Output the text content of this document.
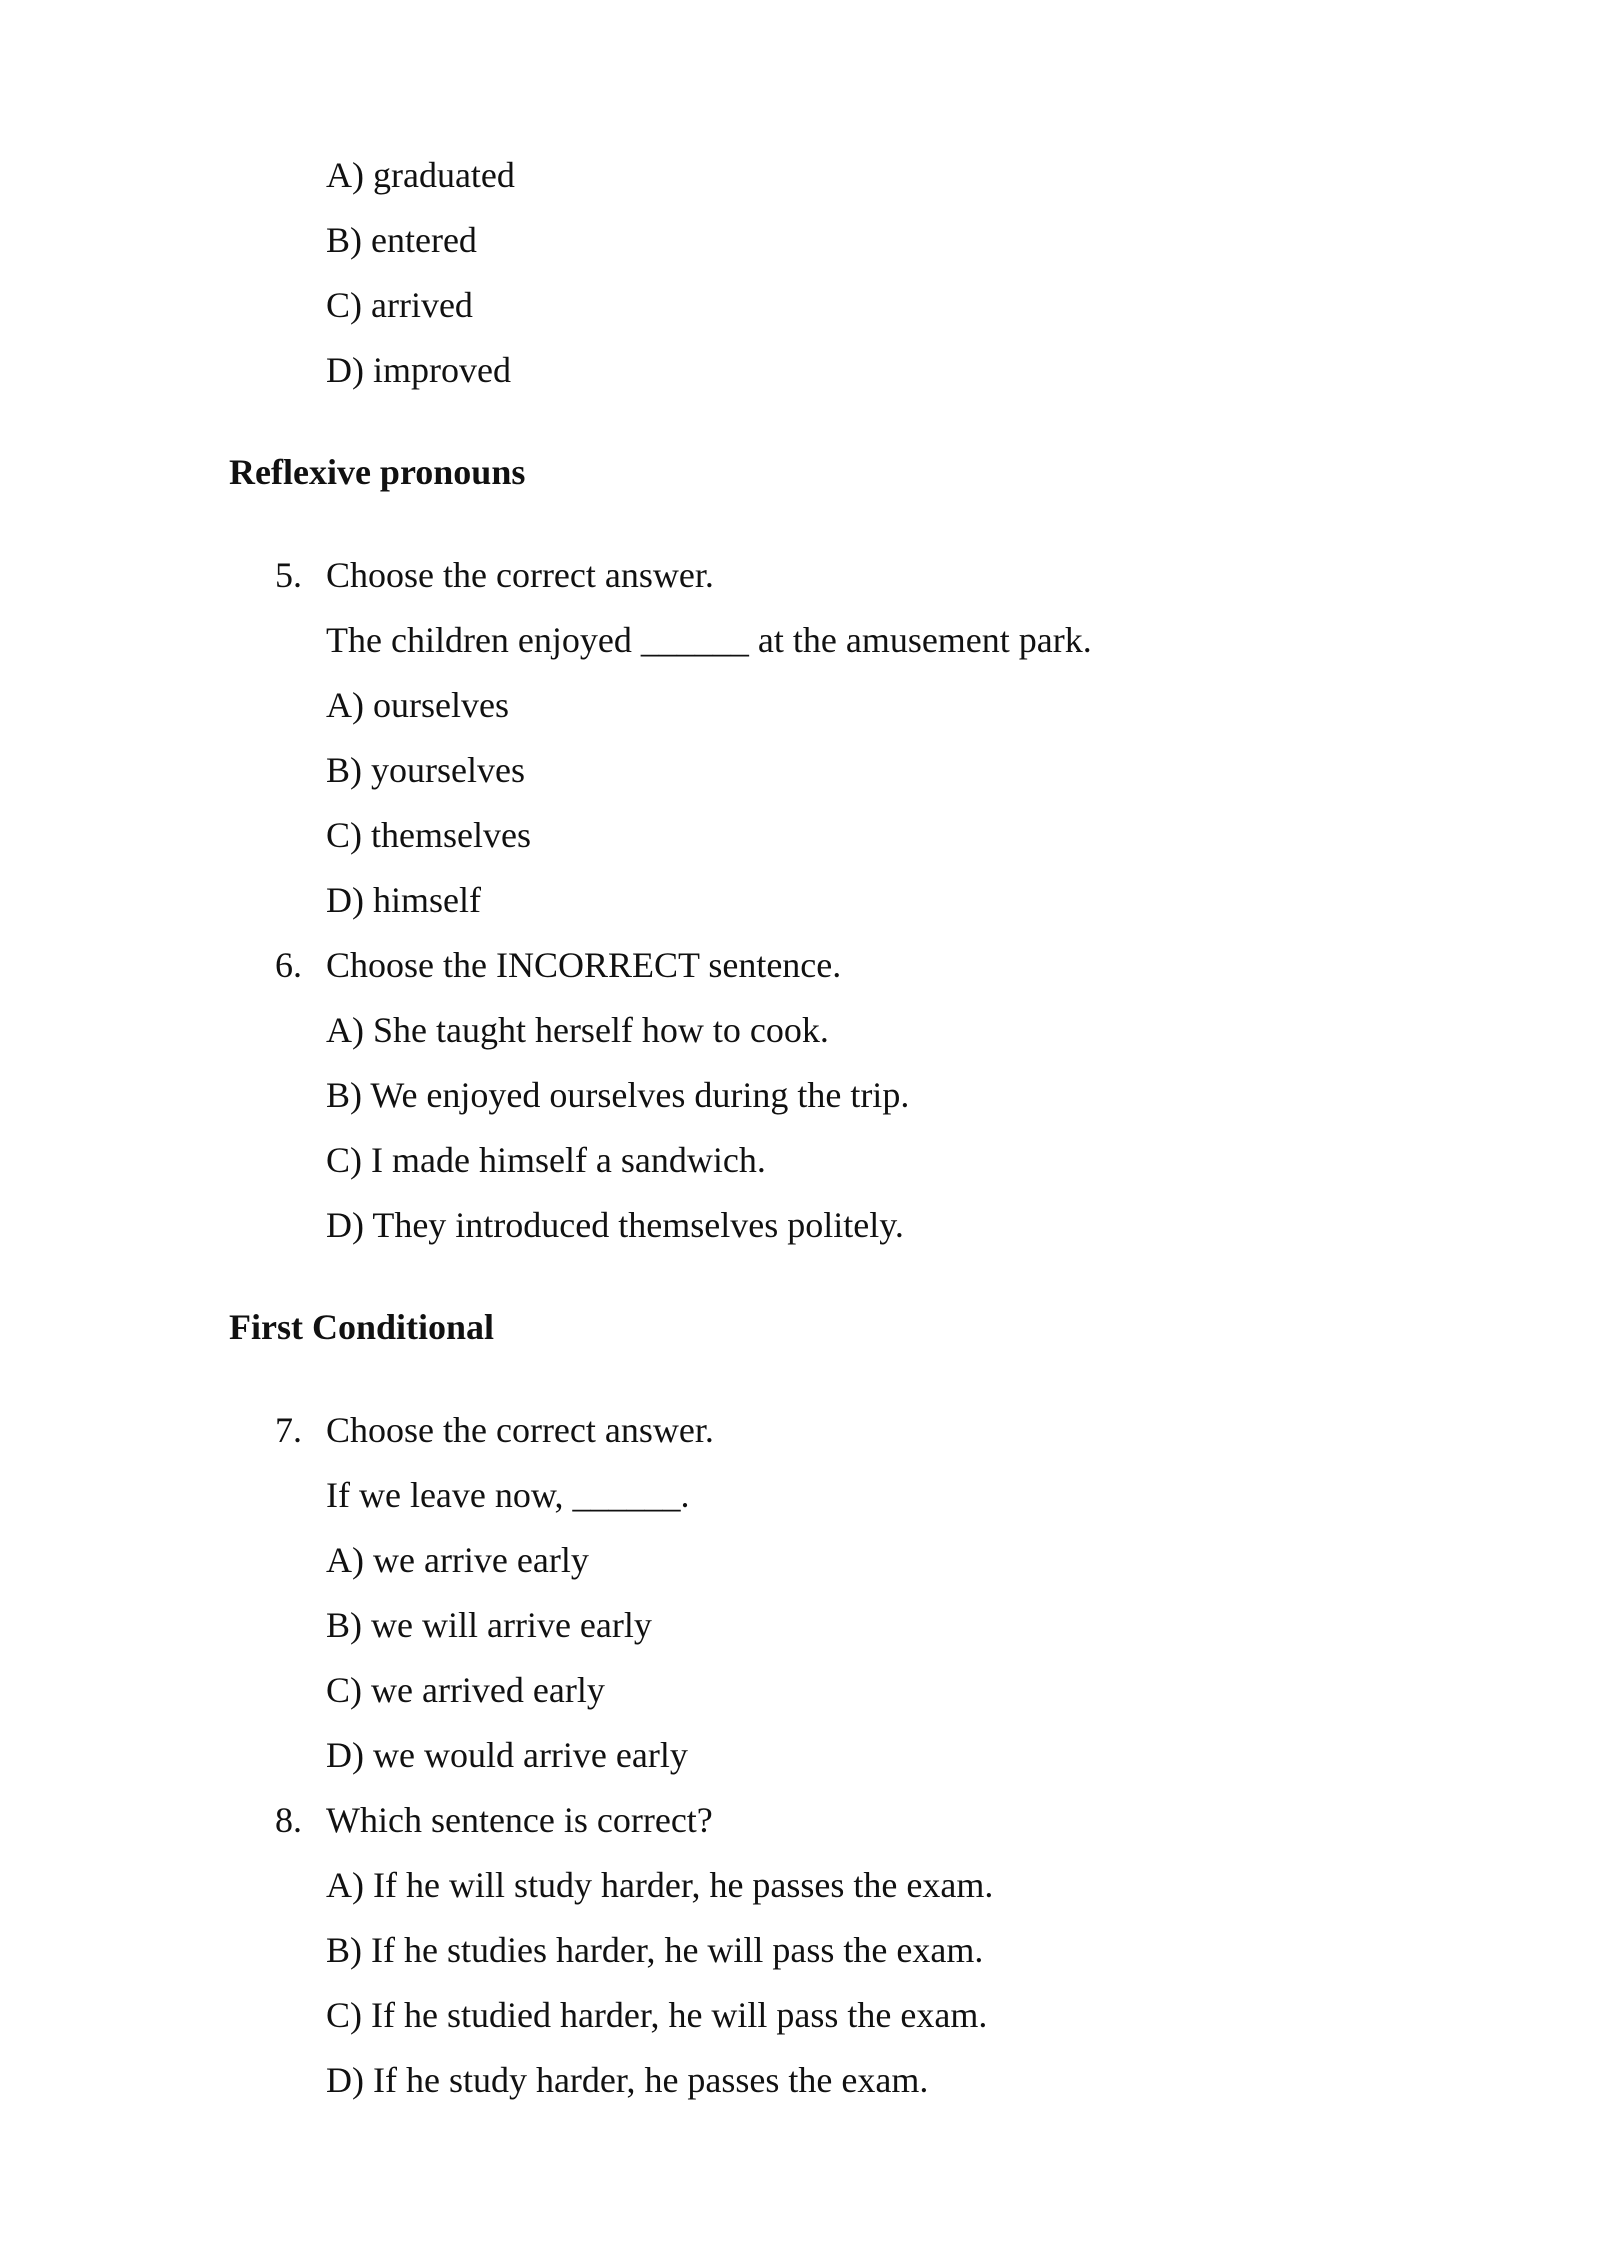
A) graduated
B) entered
C) arrived
D) improved
Reflexive pronouns
5. Choose the correct answer.
The children enjoyed ______ at the amusement park.
A) ourselves
B) yourselves
C) themselves
D) himself
6. Choose the INCORRECT sentence.
A) She taught herself how to cook.
B) We enjoyed ourselves during the trip.
C) I made himself a sandwich.
D) They introduced themselves politely.
First Conditional
7. Choose the correct answer.
If we leave now, ______.
A) we arrive early
B) we will arrive early
C) we arrived early
D) we would arrive early
8. Which sentence is correct?
A) If he will study harder, he passes the exam.
B) If he studies harder, he will pass the exam.
C) If he studied harder, he will pass the exam.
D) If he study harder, he passes the exam.
